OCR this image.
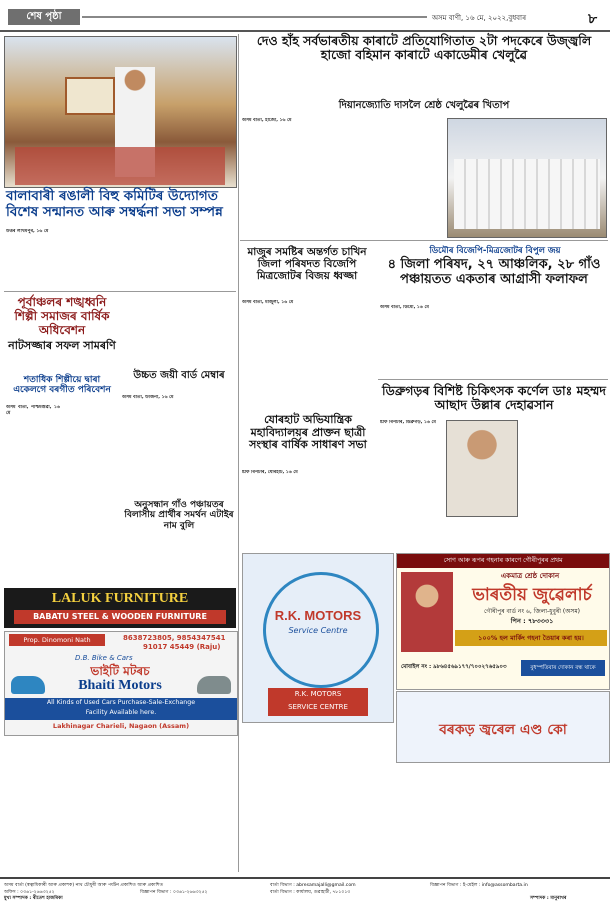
শেষ পৃষ্ঠা	অসম বাণী, ১৬ মে, ২০২২,বুধবাৰ	৮
বালাবাৰী ৰঙালী বিহু কমিটিৰ উদ্যোগত বিশেষ সন্মানত আৰু সম্বৰ্দ্ধনা সভা সম্পন্ন
উত্তৰ লখিমপুৰ, ১৬ মে
পূৰ্বাঞ্চলৰ শঙ্খধ্বনি শিল্পী সমাজৰ বাৰ্ষিক অধিবেশন
নাটসজ্জাৰ সফল সামৰণি
শতাধিক শিল্পীয়ে দ্বাৰা একেলগে বৰগীত পৰিবেশন
অসম বাৰ্তা, পশ্চিমগুৱা, ১৬ মে
উচ্চত জয়ী বাৰ্ড মেম্বাৰ
অসম বাৰ্তা, উজিনা, ১৬ মে
অনুসন্ধান গাঁও পঞ্চায়তৰ বিলাসীয় প্ৰাৰ্থীৰ সমৰ্থন এটাইৰ নাম বুলি
LALUK FURNITURE
BABATU STEEL & WOODEN FURNITURE
Prop. Dinomoni Nath	8638723805, 9854347541
91017 45449 (Raju)
D.B. Bike & Cars
ভাইটি মটৰচ
Bhaiti Motors
All Kinds of Used Cars Purchase-Sale-Exchange
Facility Available here.
Lakhinagar Charieli, Nagaon (Assam)
দেও হাঁহ সৰ্বভাৰতীয় কাৰাটে প্ৰতিযোগিতাত ২টা পদকেৰে উজ্জ্বলি হাজো বহিমান কাৰাটে একাডেমীৰ খেলুৱৈ
দিয়ানজ্যোতি দাসলৈ শ্ৰেষ্ঠ খেলুৱৈৰ খিতাপ
অসম বাৰ্তা, হাজো, ১৬ মে
মাজুৰ সমষ্টিৰ অন্তৰ্গত চাখিন জিলা পৰিষদত বিজেপি মিত্ৰজোটৰ বিজয় ধ্বজ্জা
অসম বাৰ্তা, মাজুলী, ১৬ মে
ডিমৌৰ বিজেপি-মিত্ৰজোটৰ বিপুল জয়
৪ জিলা পৰিষদ, ২৭ আঞ্চলিক, ২৮ গাঁও পঞ্চায়তত একতাৰ আগ্ৰাসী ফলাফল
অসম বাৰ্তা, ডিমৌ, ১৬ মে
যোৰহাট অভিযান্ত্ৰিক মহাবিদ্যালয়ৰ প্ৰাক্তন ছাত্ৰী সংস্থাৰ বাৰ্ষিক সাধাৰণ সভা
ষ্টাফ ৰিপৰ্টাৰ, যোৰহাট, ১৬ মে
ডিব্ৰুগড়ৰ বিশিষ্ট চিকিৎসক কৰ্ণেল ডাঃ মহম্মদ আছাদ উল্লাৰ দেহাৱসান
ষ্টাফ ৰিপৰ্টাৰ, ডিব্ৰুগড়, ১৬ মে
R.K. MOTORS
Service Centre
R.K. MOTORS
SERVICE CENTRE
সোণ আৰু ৰূপৰ গহনাৰ কাৰণে গৌৰীপুৰৰ প্ৰথম
একমাত্ৰ শ্ৰেষ্ঠ দোকান
ভাৰতীয় জুৱেলাৰ্চ
গৌৰীপুৰ বাৰ্ড নং ৬, জিলা-ধুবুৰী (অসম)
পিন : ৭৮৩৩৩১
১০০% হল মাৰ্কিং গহনা তৈয়াৰ কৰা হয়।
মোবাইল নং : ৯৮৬৪৫৬৯১৭৭/৭০০২৭৬৫৯০৩	বুধস্পতিবাৰ দোকান বন্ধ থাকে
বৰকড় জ্বৰেল এণ্ড কো
অসম বাৰ্তা (স্বত্বাধিকাৰী আৰু প্ৰকাশক) নাথ চৌধুৰী আৰু পৰ্যটন প্ৰকাশিত আৰু প্ৰকাশিত	বাৰ্তা বিভাগ : abresamajalli@gmail.com	বিজ্ঞাপন বিভাগ : ই-মেইল : info@assombarta.in
অফিস : ০৩৬১-২৬৬৩২৫২	বিজ্ঞাপন বিভাগ : ০৩৬১-২৬৬৩২৫২	বাৰ্তা বিভাগ : কাৰ্যালয়, গুৱাহাটী, ৭৮১০১৩
মুখ্য সম্পাদক : ৰীতেশ হাজৰিকা	সম্পাদক : মানুৰাখৰ
